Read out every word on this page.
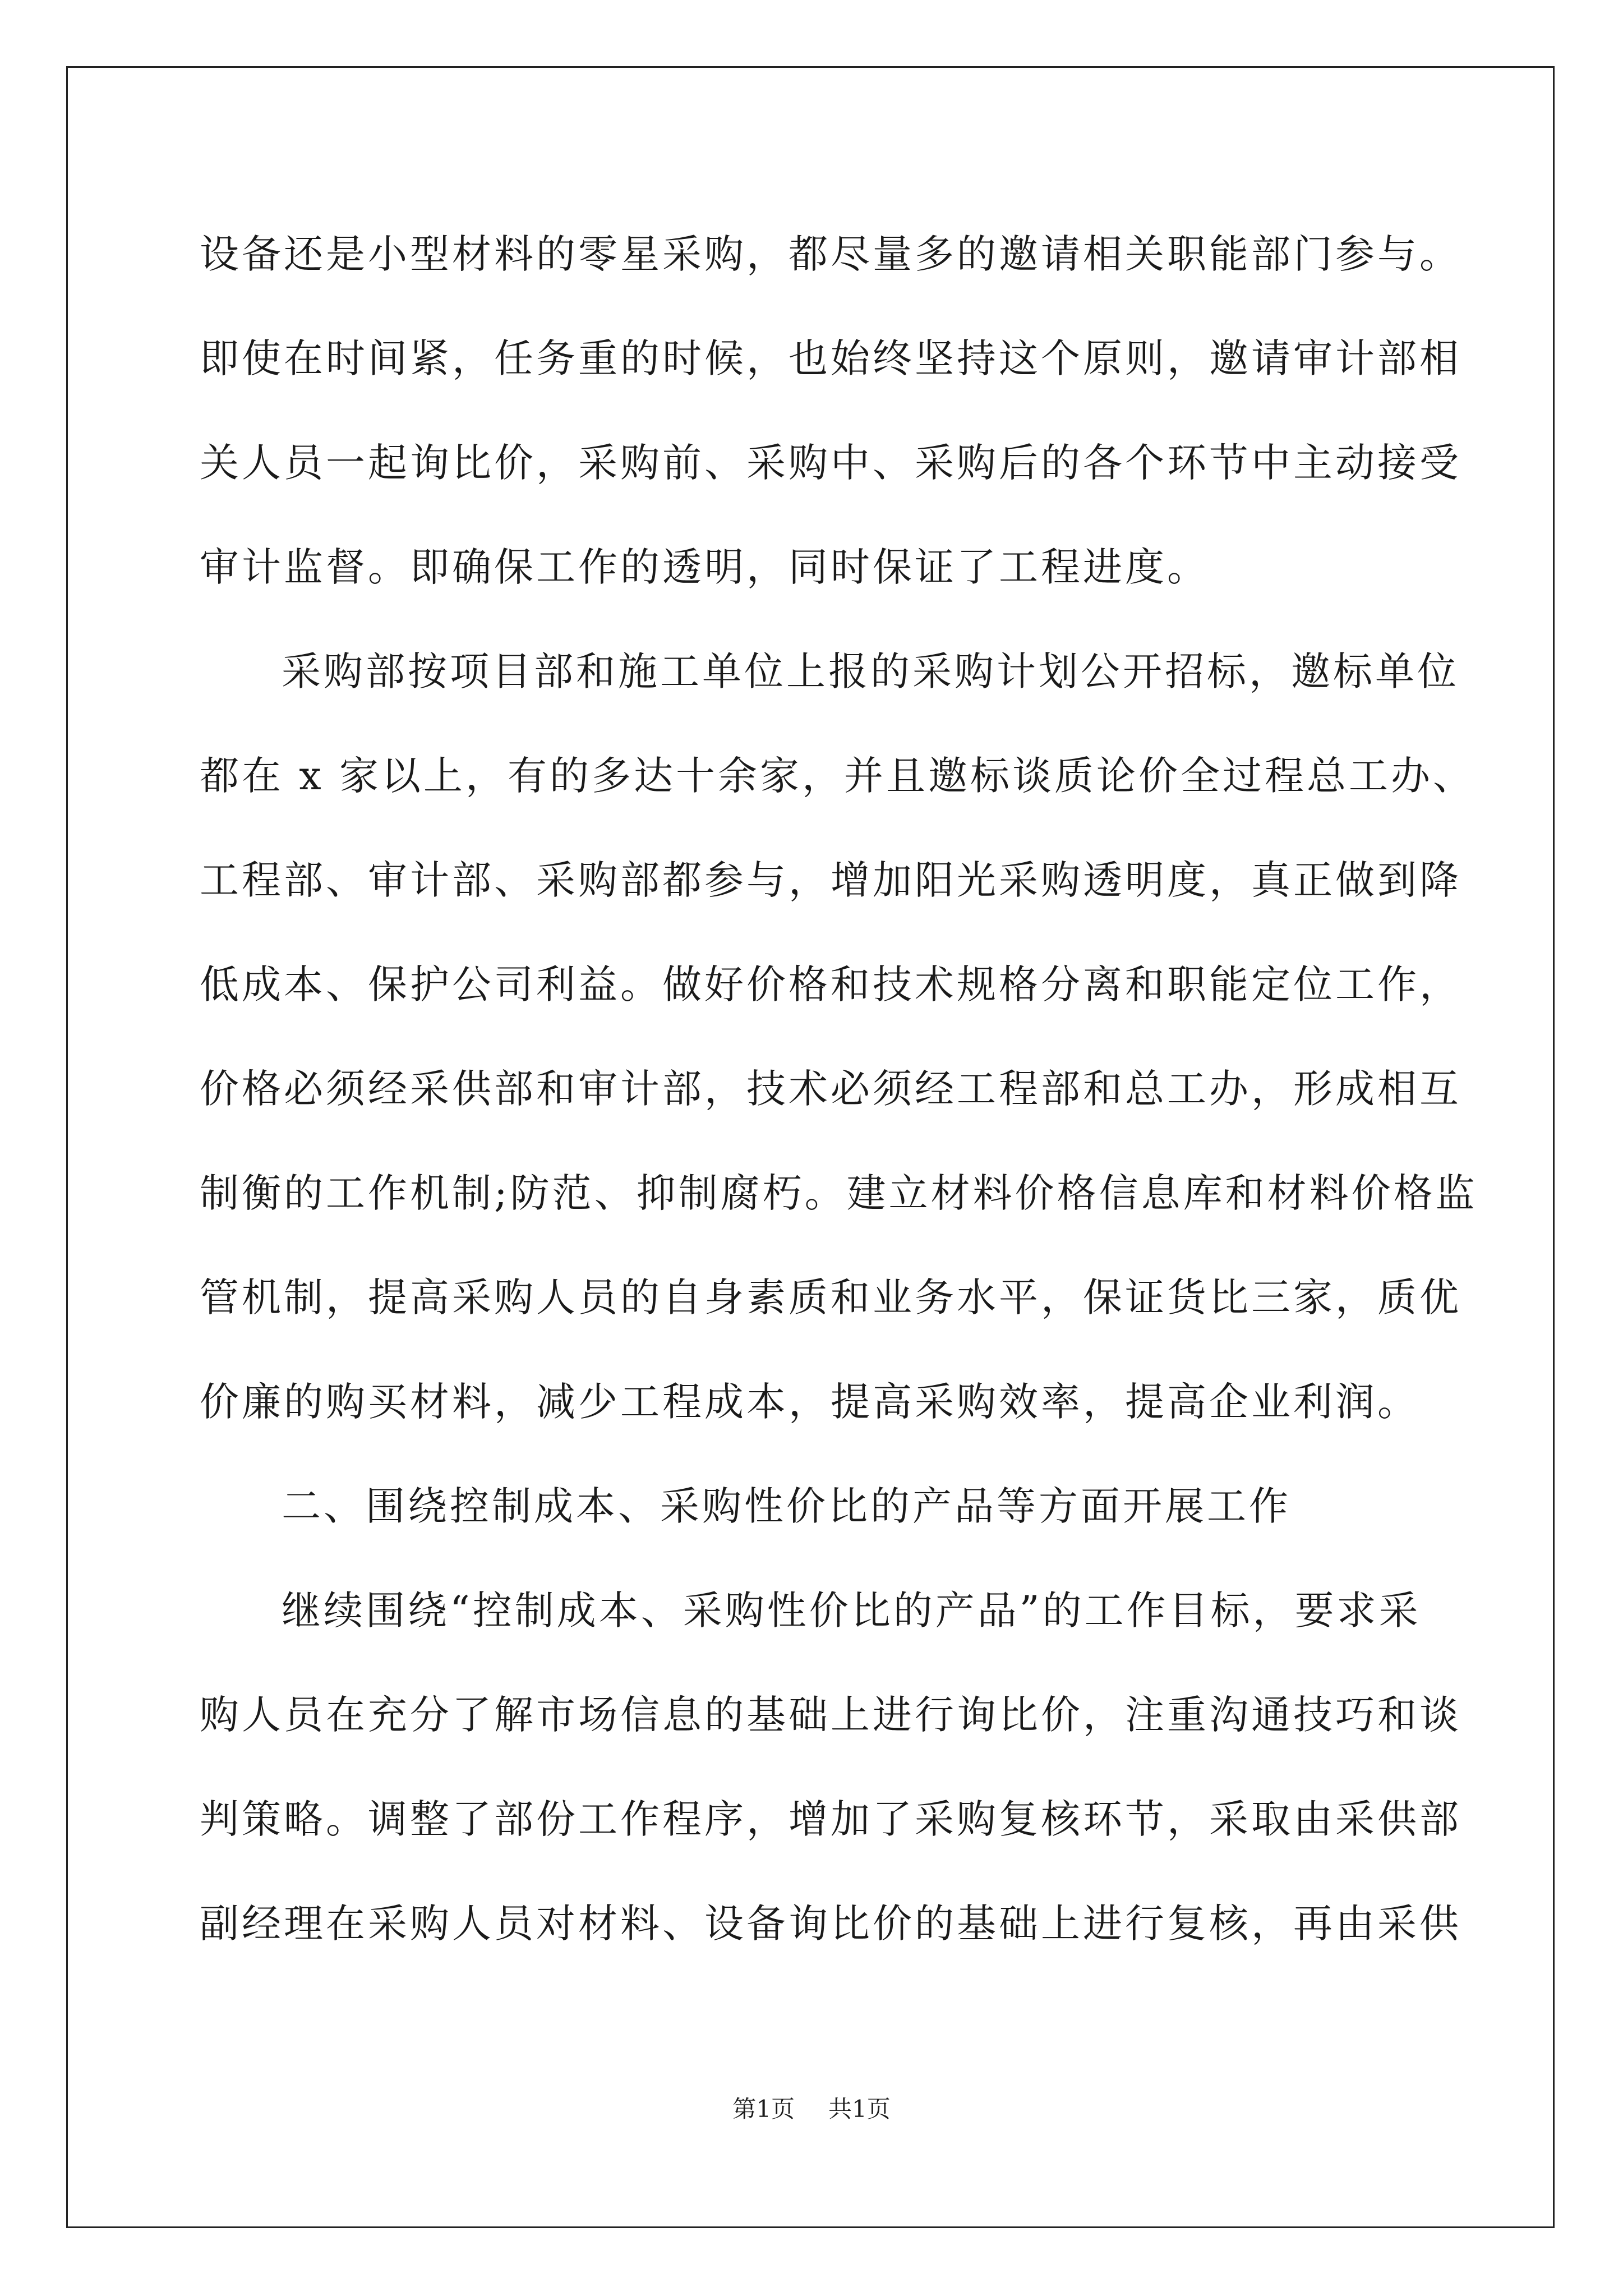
设备还是小型材料的零星采购，都尽量多的邀请相关职能部门参与。
即使在时间紧，任务重的时候，也始终坚持这个原则，邀请审计部相
关人员一起询比价，采购前、采购中、采购后的各个环节中主动接受
审计监督。即确保工作的透明，同时保证了工程进度。
采购部按项目部和施工单位上报的采购计划公开招标，邀标单位
都在 x 家以上，有的多达十余家，并且邀标谈质论价全过程总工办、
工程部、审计部、采购部都参与，增加阳光采购透明度，真正做到降
低成本、保护公司利益。做好价格和技术规格分离和职能定位工作，
价格必须经采供部和审计部，技术必须经工程部和总工办，形成相互
制衡的工作机制;防范、抑制腐朽。建立材料价格信息库和材料价格监
管机制，提高采购人员的自身素质和业务水平，保证货比三家，质优
价廉的购买材料，减少工程成本，提高采购效率，提高企业利润。
二、围绕控制成本、采购性价比的产品等方面开展工作
继续围绕“控制成本、采购性价比的产品”的工作目标，要求采
购人员在充分了解市场信息的基础上进行询比价，注重沟通技巧和谈
判策略。调整了部份工作程序，增加了采购复核环节，采取由采供部
副经理在采购人员对材料、设备询比价的基础上进行复核，再由采供
第1页 共1页
